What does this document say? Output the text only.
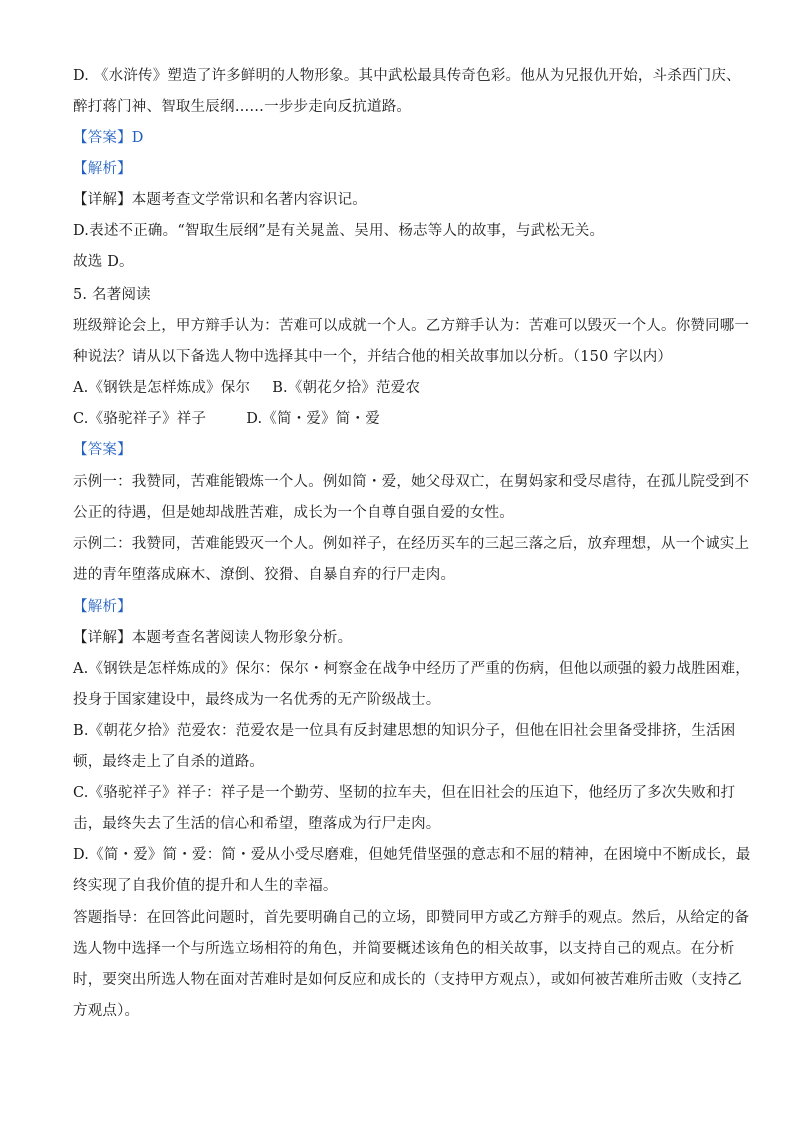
D. 《水浒传》塑造了许多鲜明的人物形象。其中武松最具传奇色彩。他从为兄报仇开始，斗杀西门庆、
醉打蒋门神、智取生辰纲……一步步走向反抗道路。
【答案】D
【解析】
【详解】本题考查文学常识和名著内容识记。
D.表述不正确。“智取生辰纲”是有关晁盖、吴用、杨志等人的故事，与武松无关。
故选 D。
5. 名著阅读
班级辩论会上，甲方辩手认为：苦难可以成就一个人。乙方辩手认为：苦难可以毁灭一个人。你赞同哪一
种说法？请从以下备选人物中选择其中一个，并结合他的相关故事加以分析。（150 字以内）
A.《钢铁是怎样炼成》保尔 B.《朝花夕拾》范爱农
C.《骆驼祥子》祥子	D.《简・爱》简・爱
【答案】
示例一：我赞同，苦难能锻炼一个人。例如简・爱，她父母双亡，在舅妈家和受尽虐待，在孤儿院受到不
公正的待遇，但是她却战胜苦难，成长为一个自尊自强自爱的女性。
示例二：我赞同，苦难能毁灭一个人。例如祥子，在经历买车的三起三落之后，放弃理想，从一个诚实上
进的青年堕落成麻木、潦倒、狡猾、自暴自弃的行尸走肉。
【解析】
【详解】本题考查名著阅读人物形象分析。
A.《钢铁是怎样炼成的》保尔：保尔・柯察金在战争中经历了严重的伤病，但他以顽强的毅力战胜困难，
投身于国家建设中，最终成为一名优秀的无产阶级战士。
B.《朝花夕拾》范爱农：范爱农是一位具有反封建思想的知识分子，但他在旧社会里备受排挤，生活困
顿，最终走上了自杀的道路。
C.《骆驼祥子》祥子：祥子是一个勤劳、坚韧的拉车夫，但在旧社会的压迫下，他经历了多次失败和打
击，最终失去了生活的信心和希望，堕落成为行尸走肉。
D.《简・爱》简・爱：简・爱从小受尽磨难，但她凭借坚强的意志和不屈的精神，在困境中不断成长，最
终实现了自我价值的提升和人生的幸福。
答题指导：在回答此问题时，首先要明确自己的立场，即赞同甲方或乙方辩手的观点。然后，从给定的备
选人物中选择一个与所选立场相符的角色，并简要概述该角色的相关故事，以支持自己的观点。在分析
时，要突出所选人物在面对苦难时是如何反应和成长的（支持甲方观点），或如何被苦难所击败（支持乙
方观点）。
